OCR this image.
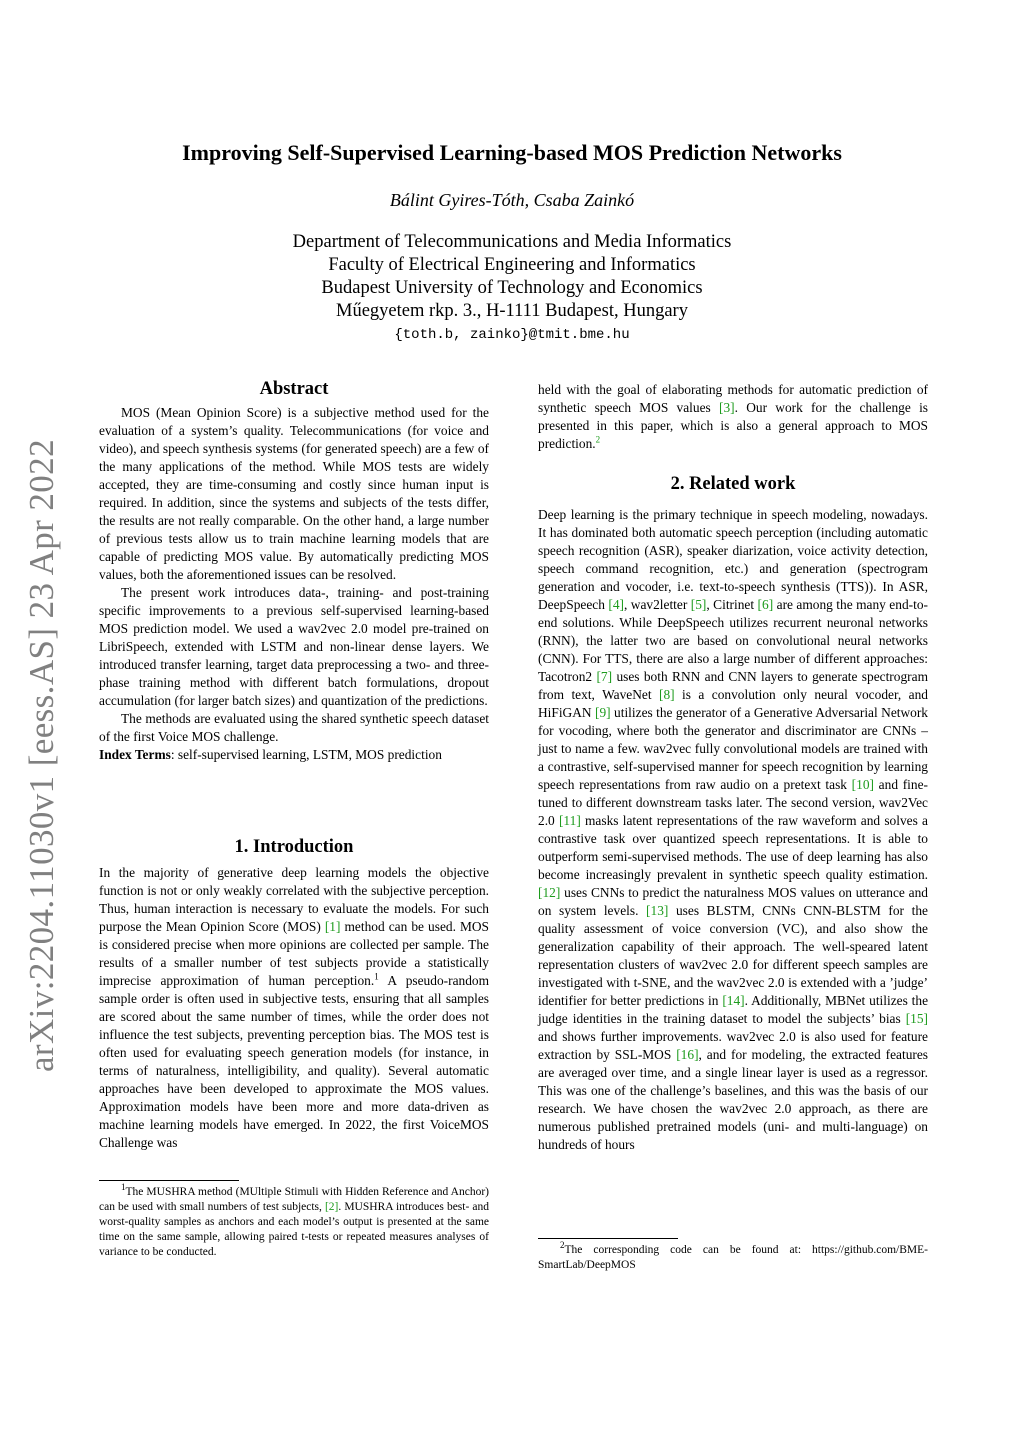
arXiv:2204.11030v1 [eess.AS] 23 Apr 2022
Improving Self-Supervised Learning-based MOS Prediction Networks
Bálint Gyires-Tóth, Csaba Zainkó
Department of Telecommunications and Media Informatics
Faculty of Electrical Engineering and Informatics
Budapest University of Technology and Economics
Műegyetem rkp. 3., H-1111 Budapest, Hungary
{toth.b, zainko}@tmit.bme.hu
Abstract

MOS (Mean Opinion Score) is a subjective method used for the evaluation of a system’s quality. Telecommunications (for voice and video), and speech synthesis systems (for generated speech) are a few of the many applications of the method. While MOS tests are widely accepted, they are time-consuming and costly since human input is required. In addition, since the systems and subjects of the tests differ, the results are not really comparable. On the other hand, a large number of previous tests allow us to train machine learning models that are capable of predicting MOS value. By automatically predicting MOS values, both the aforementioned issues can be resolved.

The present work introduces data-, training- and post-training specific improvements to a previous self-supervised learning-based MOS prediction model. We used a wav2vec 2.0 model pre-trained on LibriSpeech, extended with LSTM and non-linear dense layers. We introduced transfer learning, target data preprocessing a two- and three-phase training method with different batch formulations, dropout accumulation (for larger batch sizes) and quantization of the predictions.

The methods are evaluated using the shared synthetic speech dataset of the first Voice MOS challenge.

Index Terms: self-supervised learning, LSTM, MOS prediction

1. Introduction

In the majority of generative deep learning models the objective function is not or only weakly correlated with the subjective perception. Thus, human interaction is necessary to evaluate the models. For such purpose the Mean Opinion Score (MOS) [1] method can be used. MOS is considered precise when more opinions are collected per sample. The results of a smaller number of test subjects provide a statistically imprecise approximation of human perception.$^1$ A pseudo-random sample order is often used in subjective tests, ensuring that all samples are scored about the same number of times, while the order does not influence the test subjects, preventing perception bias. The MOS test is often used for evaluating speech generation models (for instance, in terms of naturalness, intelligibility, and quality). Several automatic approaches have been developed to approximate the MOS values. Approximation models have been more and more data-driven as machine learning models have emerged. In 2022, the first VoiceMOS Challenge was

$^1$The MUSHRA method (MUltiple Stimuli with Hidden Reference and Anchor) can be used with small numbers of test subjects, [2]. MUSHRA introduces best- and worst-quality samples as anchors and each model’s output is presented at the same time on the same sample, allowing paired t-tests or repeated measures analyses of variance to be conducted.

held with the goal of elaborating methods for automatic prediction of synthetic speech MOS values [3]. Our work for the challenge is presented in this paper, which is also a general approach to MOS prediction.$^2$

2. Related work

Deep learning is the primary technique in speech modeling, nowadays. It has dominated both automatic speech perception (including automatic speech recognition (ASR), speaker diarization, voice activity detection, speech command recognition, etc.) and generation (spectrogram generation and vocoder, i.e. text-to-speech synthesis (TTS)). In ASR, DeepSpeech [4], wav2letter [5], Citrinet [6] are among the many end-to-end solutions. While DeepSpeech utilizes recurrent neuronal networks (RNN), the latter two are based on convolutional neural networks (CNN). For TTS, there are also a large number of different approaches: Tacotron2 [7] uses both RNN and CNN layers to generate spectrogram from text, WaveNet [8] is a convolution only neural vocoder, and HiFiGAN [9] utilizes the generator of a Generative Adversarial Network for vocoding, where both the generator and discriminator are CNNs – just to name a few. wav2vec fully convolutional models are trained with a contrastive, self-supervised manner for speech recognition by learning speech representations from raw audio on a pretext task [10] and fine-tuned to different downstream tasks later. The second version, wav2Vec 2.0 [11] masks latent representations of the raw waveform and solves a contrastive task over quantized speech representations. It is able to outperform semi-supervised methods. The use of deep learning has also become increasingly prevalent in synthetic speech quality estimation. [12] uses CNNs to predict the naturalness MOS values on utterance and on system levels. [13] uses BLSTM, CNNs CNN-BLSTM for the quality assessment of voice conversion (VC), and also show the generalization capability of their approach. The well-speared latent representation clusters of wav2vec 2.0 for different speech samples are investigated with t-SNE, and the wav2vec 2.0 is extended with a ’judge’ identifier for better predictions in [14]. Additionally, MBNet utilizes the judge identities in the training dataset to model the subjects’ bias [15] and shows further improvements. wav2vec 2.0 is also used for feature extraction by SSL-MOS [16], and for modeling, the extracted features are averaged over time, and a single linear layer is used as a regressor. This was one of the challenge’s baselines, and this was the basis of our research. We have chosen the wav2vec 2.0 approach, as there are numerous published pretrained models (uni- and multi-language) on hundreds of hours

$^2$The corresponding code can be found at: https://github.com/BME-SmartLab/DeepMOS
